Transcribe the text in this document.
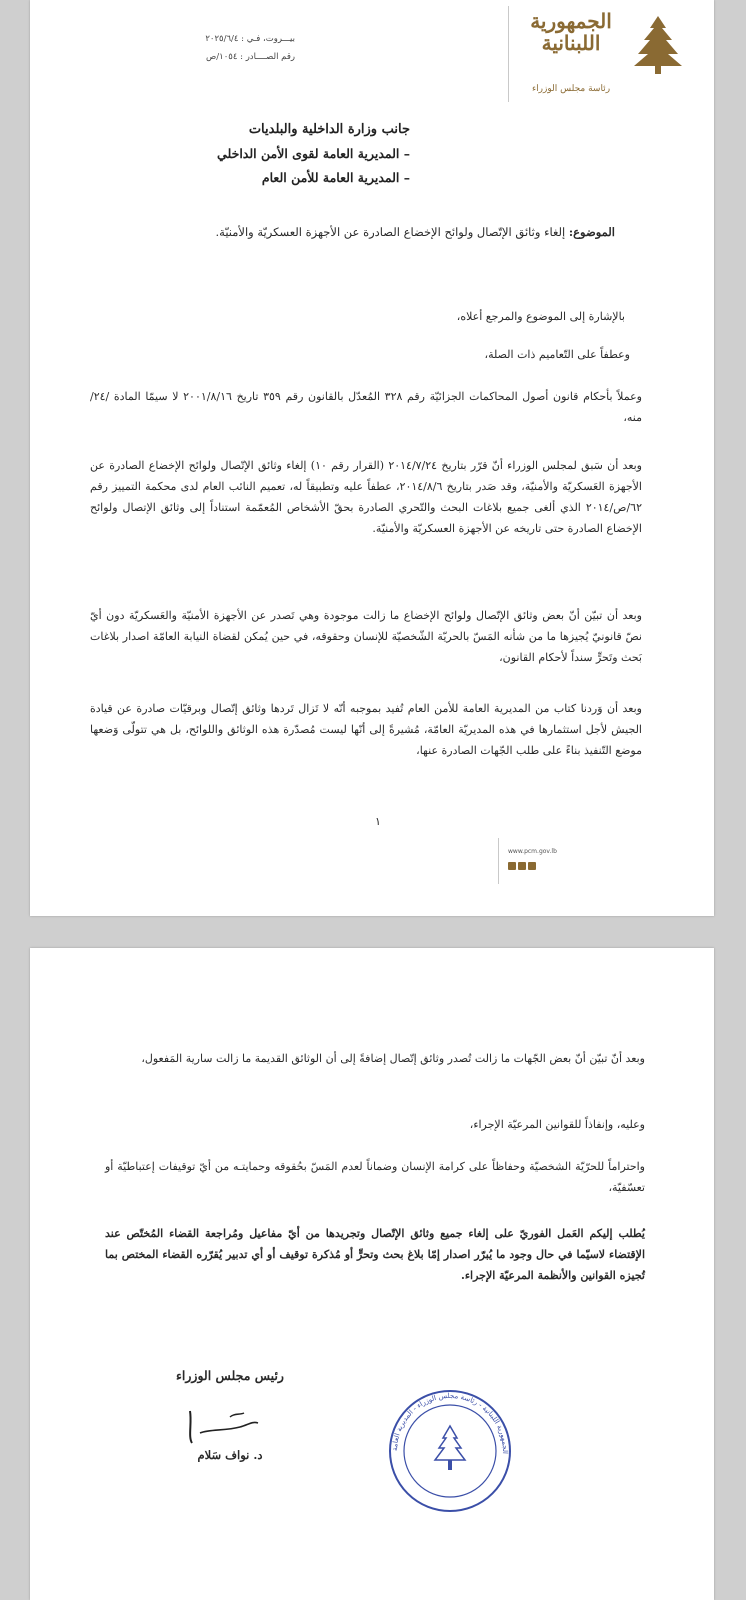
بيـــروت، فـي : ٢٠٢٥/٦/٤
رقم الصــــادر : ١٠٥٤/ص
الجمهورية
اللبنانية
رئاسة مجلس الوزراء
جانب وزارة الداخلية والبلديات
– المديرية العامة لقوى الأمن الداخلي
– المديرية العامة للأمن العام
الموضوع: إلغاء وثائق الإتّصال ولوائح الإخضاع الصادرة عن الأجهزة العسكريّة والأمنيّة.
بالإشارة إلى الموضوع والمرجع أعلاه،
وعطفاً على التّعاميم ذات الصلة،
وعملاً بأحكام قانون أصول المحاكمات الجزائيّة رقم ٣٢٨ المُعدّل بالقانون رقم ٣٥٩ تاريخ ٢٠٠١/٨/١٦ لا سيمّا المادة /٢٤/ منه،
وبعد أن سَبق لمجلس الوزراء أنّ قرّر بتاريخ ٢٠١٤/٧/٢٤ (القرار رقم ١٠) إلغاء وثائق الإتّصال ولوائح الإخضاع الصادرة عن الأجهزة العَسكريّة والأمنيّة، وقد صَدر بتاريخ ٢٠١٤/٨/٦، عطفاً عليه وتطبيقاً له، تعميم النائب العام لدى محكمة التمييز رقم ٦٢/ص/٢٠١٤ الذي ألغى جميع بلاغات البحث والتّحري الصادرة بحقّ الأشخاص المُعمّمة استناداً إلى وثائق الإتصال ولوائح الإخضاع الصادرة حتى تاريخه عن الأجهزة العسكريّة والأمنيّة.
وبعد أن تبيّن أنّ بعض وثائق الإتّصال ولوائح الإخضاع ما زالت موجودة وهي تَصدر عن الأجهزة الأمنيّة والعَسكريّة دون أيّ نصّ قانونيّ يُجيزها ما من شأنه المَسّ بالحريّة الشّخصيّة للإنسان وحقوقه، في حين يُمكن لقضاة النيابة العامّة اصدار بلاغات بَحث وتَحرٍّ سنداً لأحكام القانون،
وبعد أن وَردنا كتاب من المديرية العامة للأمن العام تُفيد بموجبه أنّه لا تَزال تَردها وثائق إتّصال وبرقيّات صادرة عن قيادة الجيش لأجل استثمارها في هذه المديريّة العامّة، مُشيرةً إلى أنّها ليست مُصدّرة هذه الوثائق واللوائح، بل هي تتولّى وَضعها موضع التّنفيذ بناءً على طلب الجّهات الصادرة عنها،
١
www.pcm.gov.lb
وبعد أنّ تبيّن أنّ بعض الجّهات ما زالت تُصدر وثائق إتّصال إضافةً إلى أن الوثائق القديمة ما زالت سارية المَفعول،
وعليه، وإنفاذاً للقوانين المرعيّة الإجراء،
واحتراماً للحرّيّة الشخصيّة وحفاظاً على كرامة الإنسان وضماناً لعدم المَسّ بحُقوقه وحمايتـه من أيّ توقيفات إعتباطيّة أو تعسّفيّة،
يُطلب إليكم العَمل الفوريّ على إلغاء جميع وثائق الإتّصال وتجريدها من أيّ مفاعيل ومُراجعة القضاء المُختّص عند الإقتضاء لاسيّما في حال وجود ما يُبرّر اصدار إمّا بلاغ بحث وتحرٍّ أو مُذكرة توقيف أو أي تدبير يُقرّره القضاء المختص بما تُجيزه القوانين والأنظمة المرعيّة الإجراء.
رئيس مجلس الوزراء
د. نواف سَلام	الجمهورية اللبنانية - رئاسة مجلس الوزراء - المديرية العامة
